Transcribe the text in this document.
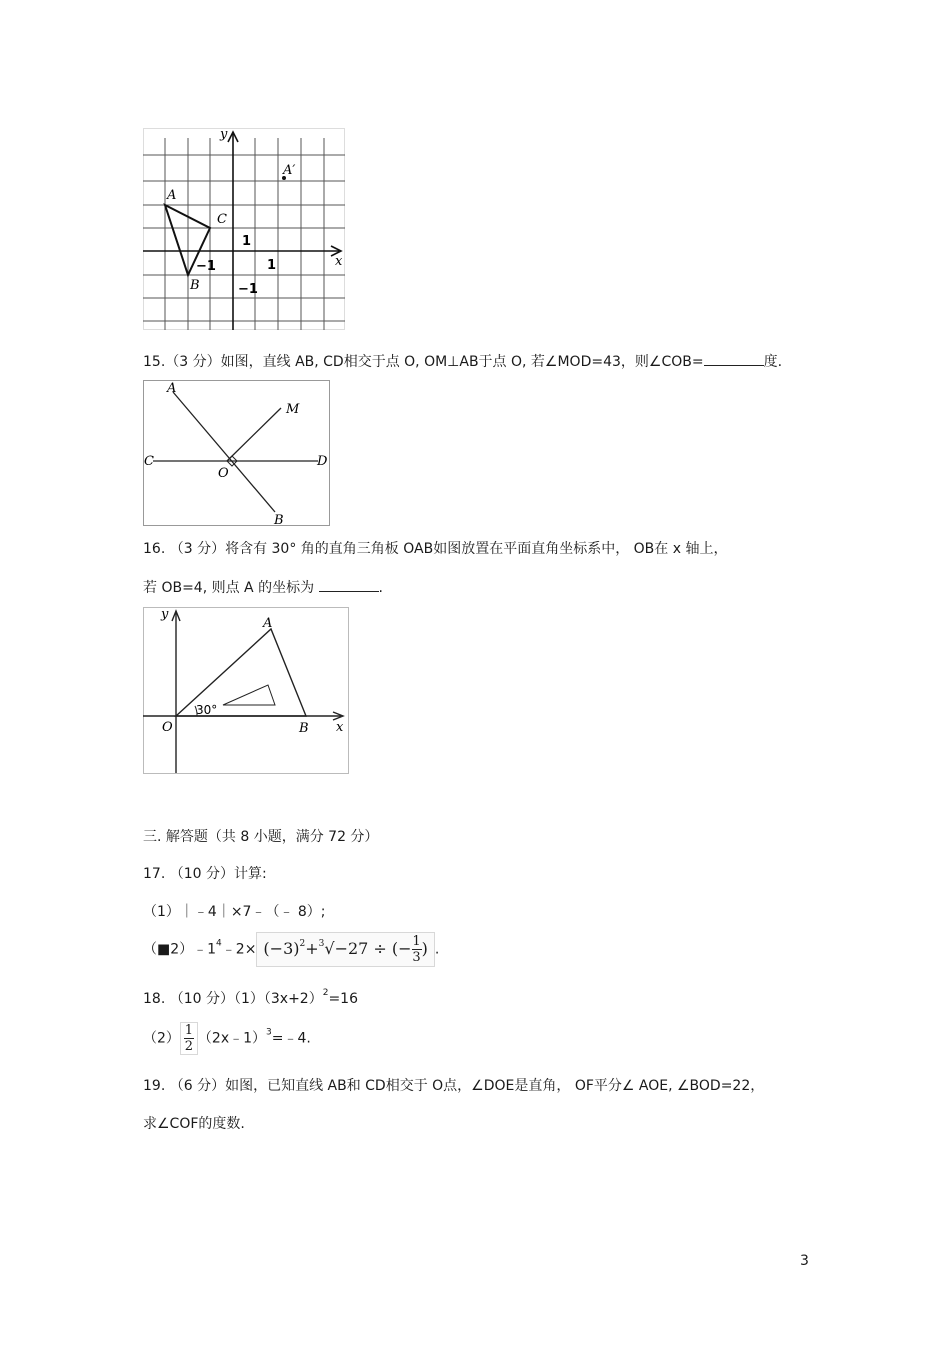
y
x
A
A′
B
C
1
1
−1
−1
15.（3 分）如图，直线 AB, CD相交于点 O, OM⊥AB于点 O, 若∠MOD=43，则∠COB=	度.
A
M
C	D
O
B
16. （3 分）将含有 30° 角的直角三角板 OAB如图放置在平面直角坐标系中， OB在 x 轴上，
若 OB=4, 则点 A 的坐标为	.
y
x
O
A
B
30°
三. 解答题（共 8 小题，满分 72 分）
17. （10 分）计算:
（1）｜﹣4｜×7﹣（﹣ 8）;
$(■2)﹣1^4﹣2\times (-3)^2+^3√-27$ ÷ (− $\frac{1}{3}$ ) .
18. （10 分）$(1)(3x+2)^2=16$
$(2) \frac{1}{2}$ （2x﹣1）$^3$=﹣4.
19. （6 分）如图，已知直线 AB和 CD相交于 O点，∠DOE是直角， OF平分∠ AOE, ∠BOD=22，
求∠COF的度数.
3
